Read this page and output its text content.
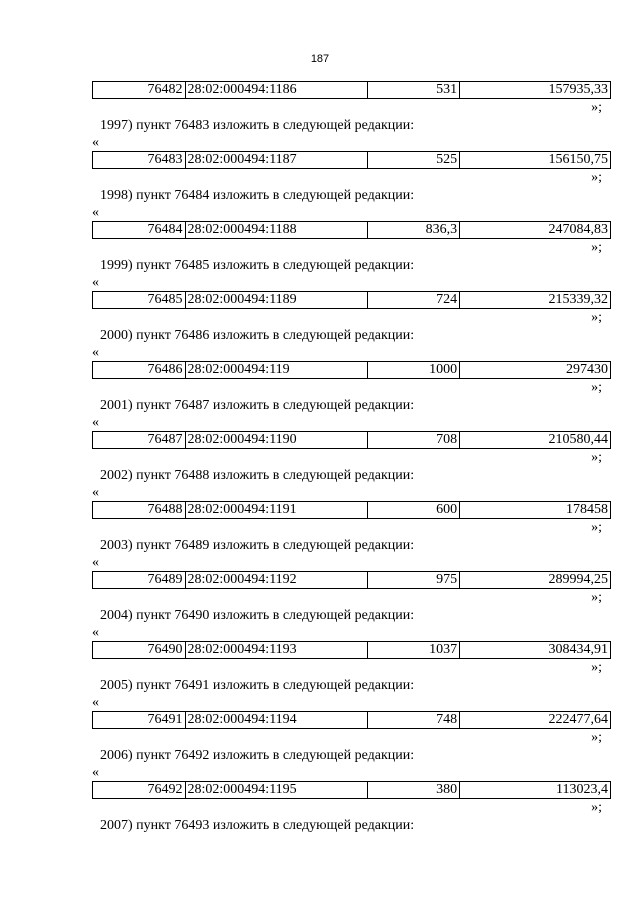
187
76482	28:02:000494:1186	531	157935,33
»;
1997) пункт 76483 изложить в следующей редакции:
«
76483	28:02:000494:1187	525	156150,75
»;
1998) пункт 76484 изложить в следующей редакции:
«
76484	28:02:000494:1188	836,3	247084,83
»;
1999) пункт 76485 изложить в следующей редакции:
«
76485	28:02:000494:1189	724	215339,32
»;
2000) пункт 76486 изложить в следующей редакции:
«
76486	28:02:000494:119	1000	297430
»;
2001) пункт 76487 изложить в следующей редакции:
«
76487	28:02:000494:1190	708	210580,44
»;
2002) пункт 76488 изложить в следующей редакции:
«
76488	28:02:000494:1191	600	178458
»;
2003) пункт 76489 изложить в следующей редакции:
«
76489	28:02:000494:1192	975	289994,25
»;
2004) пункт 76490 изложить в следующей редакции:
«
76490	28:02:000494:1193	1037	308434,91
»;
2005) пункт 76491 изложить в следующей редакции:
«
76491	28:02:000494:1194	748	222477,64
»;
2006) пункт 76492 изложить в следующей редакции:
«
76492	28:02:000494:1195	380	113023,4
»;
2007) пункт 76493 изложить в следующей редакции:
